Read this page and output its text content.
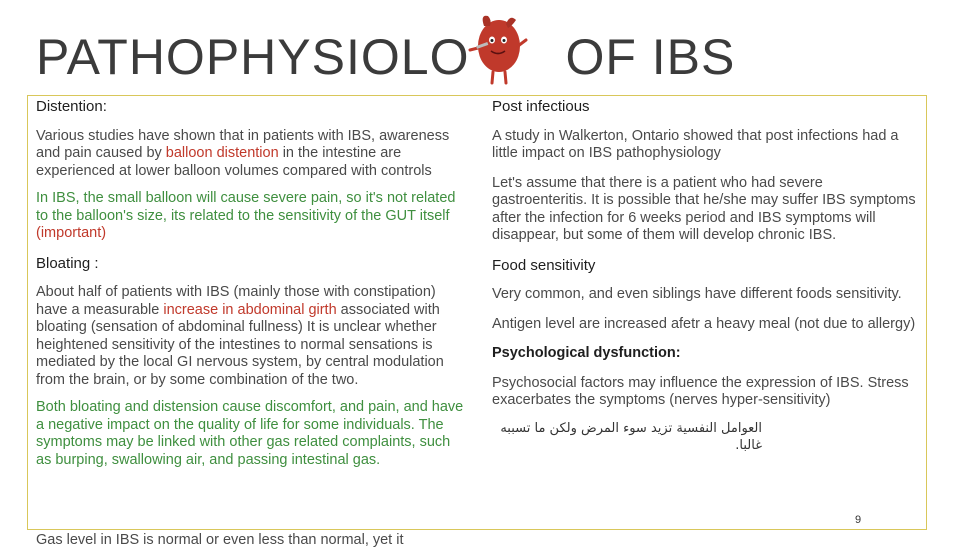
PATHOPHYSIOLO OF IBS

Distention:

Various studies have shown that in patients with IBS, awareness and pain caused by balloon distention in the intestine are experienced at lower balloon volumes compared with controls

In IBS, the small balloon will cause severe pain, so it's not related to the balloon's size, its related to the sensitivity of the GUT itself (important)

Bloating :

About half of patients with IBS (mainly those with constipation) have a measurable increase in abdominal girth associated with bloating (sensation of abdominal fullness) It is unclear whether heightened sensitivity of the intestines to normal sensations is mediated by the local GI nervous system, by central modulation from the brain, or by some combination of the two.

Both bloating and distension cause discomfort, and pain, and have a negative impact on the quality of life for some individuals. The symptoms may be linked with other gas related complaints, such as burping, swallowing air, and passing intestinal gas.

Post infectious

A study in Walkerton, Ontario showed that post infections had a little impact on IBS pathophysiology

Let's assume that there is a patient who had severe gastroenteritis. It is possible that he/she may suffer IBS symptoms after the infection for 6 weeks period and IBS symptoms will disappear, but some of them will develop chronic IBS.

Food sensitivity

Very common, and even siblings have different foods sensitivity.

Antigen level are increased afetr a heavy meal (not due to allergy)

Psychological dysfunction:

Psychosocial factors may influence the expression of IBS. Stress exacerbates the symptoms (nerves hyper-sensitivity)

العوامل النفسية تزيد سوء المرض ولكن ما تسببه غالبا.

9
Gas level in IBS is normal or even less than normal, yet it
